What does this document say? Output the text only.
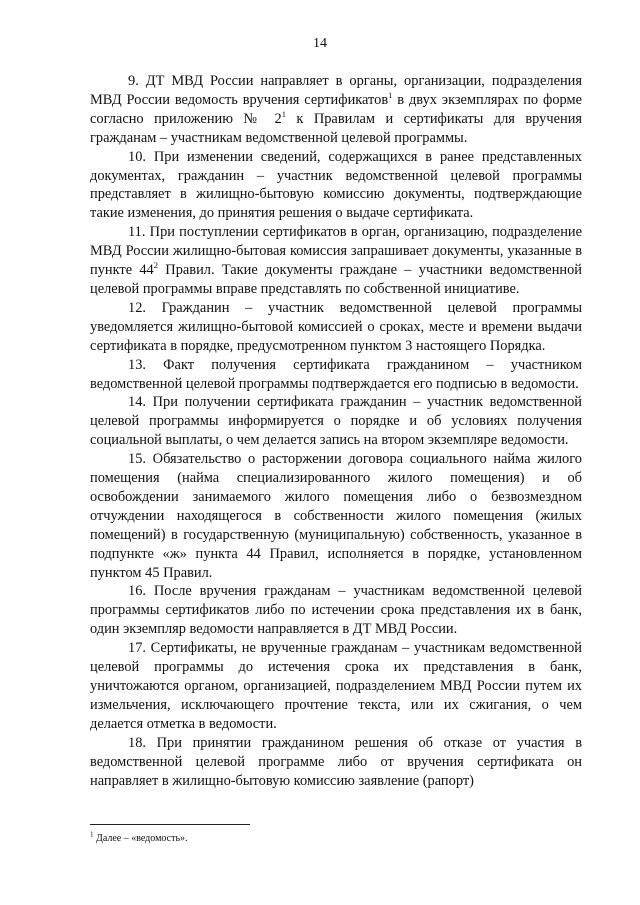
14

9. ДТ МВД России направляет в органы, организации, подразделения МВД России ведомость вручения сертификатов$^1$ в двух экземплярах по форме согласно приложению № $2^1$ к Правилам и сертификаты для вручения гражданам – участникам ведомственной целевой программы.

10. При изменении сведений, содержащихся в ранее представленных документах, гражданин – участник ведомственной целевой программы представляет в жилищно-бытовую комиссию документы, подтверждающие такие изменения, до принятия решения о выдаче сертификата.

11. При поступлении сертификатов в орган, организацию, подразделение МВД России жилищно-бытовая комиссия запрашивает документы, указанные в пункте $44^2$ Правил. Такие документы граждане – участники ведомственной целевой программы вправе представлять по собственной инициативе.

12. Гражданин – участник ведомственной целевой программы уведомляется жилищно-бытовой комиссией о сроках, месте и времени выдачи сертификата в порядке, предусмотренном пунктом 3 настоящего Порядка.

13. Факт получения сертификата гражданином – участником ведомственной целевой программы подтверждается его подписью в ведомости.

14. При получении сертификата гражданин – участник ведомственной целевой программы информируется о порядке и об условиях получения социальной выплаты, о чем делается запись на втором экземпляре ведомости.

15. Обязательство о расторжении договора социального найма жилого помещения (найма специализированного жилого помещения) и об освобождении занимаемого жилого помещения либо о безвозмездном отчуждении находящегося в собственности жилого помещения (жилых помещений) в государственную (муниципальную) собственность, указанное в подпункте «ж» пункта 44 Правил, исполняется в порядке, установленном пунктом 45 Правил.

16. После вручения гражданам – участникам ведомственной целевой программы сертификатов либо по истечении срока представления их в банк, один экземпляр ведомости направляется в ДТ МВД России.

17. Сертификаты, не врученные гражданам – участникам ведомственной целевой программы до истечения срока их представления в банк, уничтожаются органом, организацией, подразделением МВД России путем их измельчения, исключающего прочтение текста, или их сжигания, о чем делается отметка в ведомости.

18. При принятии гражданином решения об отказе от участия в ведомственной целевой программе либо от вручения сертификата он направляет в жилищно-бытовую комиссию заявление (рапорт)

$^1$ Далее – «ведомость».
